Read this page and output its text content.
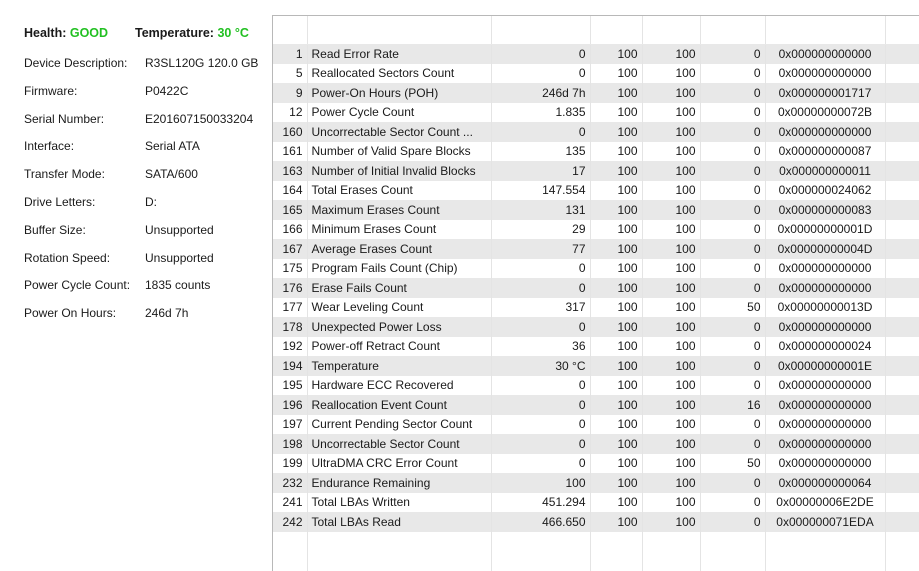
Health: GOOD Temperature: 30 °C
Device Description: R3SL120G 120.0 GB
Firmware:	P0422C
Serial Number:	E201607150033204
Interface:	Serial ATA
Transfer Mode:	SATA/600
Drive Letters:	D:
Buffer Size:	Unsupported
Rotation Speed:	Unsupported
Power Cycle Count: 1835 counts
Power On Hours: 246d 7h

1	Read Error Rate	0	100	100	0	0x000000000000	
5	Reallocated Sectors Count	0	100	100	0	0x000000000000	
9	Power-On Hours (POH)	246d 7h	100	100	0	0x000000001717	
12	Power Cycle Count	1.835	100	100	0	0x00000000072B	
160	Uncorrectable Sector Count ...	0	100	100	0	0x000000000000	
161	Number of Valid Spare Blocks	135	100	100	0	0x000000000087	
163	Number of Initial Invalid Blocks	17	100	100	0	0x000000000011	
164	Total Erases Count	147.554	100	100	0	0x000000024062	
165	Maximum Erases Count	131	100	100	0	0x000000000083	
166	Minimum Erases Count	29	100	100	0	0x00000000001D	
167	Average Erases Count	77	100	100	0	0x00000000004D	
175	Program Fails Count (Chip)	0	100	100	0	0x000000000000	
176	Erase Fails Count	0	100	100	0	0x000000000000	
177	Wear Leveling Count	317	100	100	50	0x00000000013D	
178	Unexpected Power Loss	0	100	100	0	0x000000000000	
192	Power-off Retract Count	36	100	100	0	0x000000000024	
194	Temperature	30 °C	100	100	0	0x00000000001E	
195	Hardware ECC Recovered	0	100	100	0	0x000000000000	
196	Reallocation Event Count	0	100	100	16	0x000000000000	
197	Current Pending Sector Count	0	100	100	0	0x000000000000	
198	Uncorrectable Sector Count	0	100	100	0	0x000000000000	
199	UltraDMA CRC Error Count	0	100	100	50	0x000000000000	
232	Endurance Remaining	100	100	100	0	0x000000000064	
241	Total LBAs Written	451.294	100	100	0	0x00000006E2DE	
242	Total LBAs Read	466.650	100	100	0	0x000000071EDA	
